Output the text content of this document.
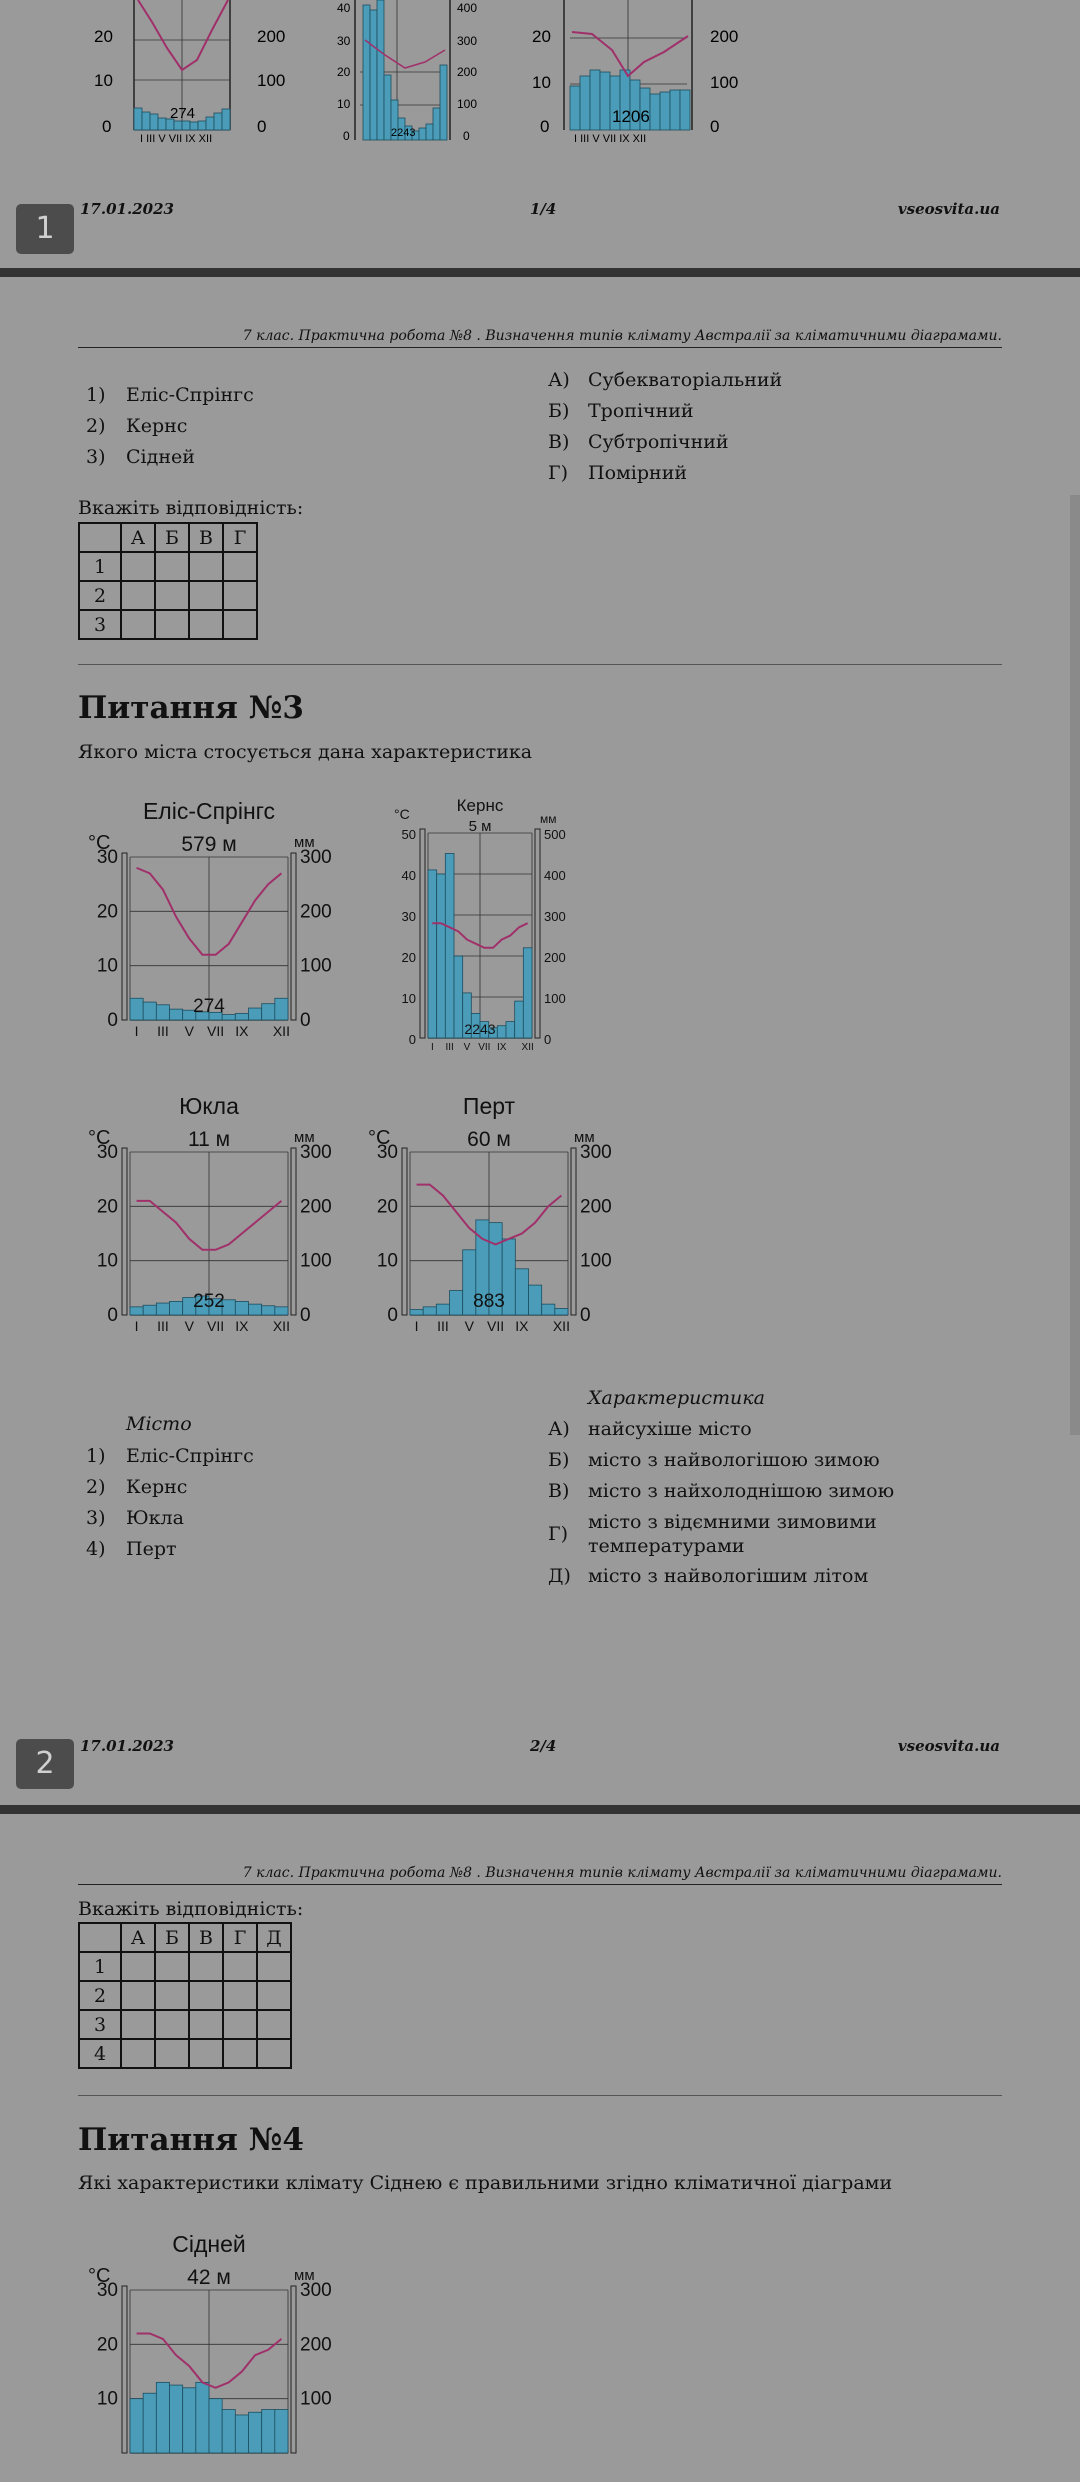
20
10
0
200
100
0
274
I III V VII IX XII
40
30
20
10
0
400
300
200
100
0
2243
20
10
0
200
100
0
1206
I III V VII IX XII
1
17.01.2023	1/4	vseosvita.ua
7 клас. Практична робота №8 . Визначення типів клімату Австралії за кліматичними діаграмами.
1) Еліс-Спрінгс
2) Кернс
3) Сідней
А) Субекваторіальний
Б) Тропічний
В) Субтропічний
Г) Помірний
Вкажіть відповідність:
	А	Б	В	Г
1				
2				
3				
Питання №3
Якого міста стосується дана характеристика
Еліс-Спрінгс
579 м
°C	мм
0
10
20
30
0
100
200
300
274
I III V VII IX XII
Кернс
5 м
°C	мм
0
10
20
30
40
50
0
100
200
300
400
500
2243
I III V VII IX XII
Юкла
11 м
°C	мм
0
10
20
30
0
100
200
300
252
I III V VII IX XII
Перт
60 м
°C	мм
0
10
20
30
0
100
200
300
883
I III V VII IX XII
Місто
Характеристика
1) Еліс-Спрінгс
2) Кернс
3) Юкла
4) Перт
А) найсухіше місто
Б) місто з найвологішою зимою
В) місто з найхолоднішою зимою
Г)
місто з відємними зимовими температурами
Д) місто з найвологішим літом
2	17.01.2023	2/4	vseosvita.ua
7 клас. Практична робота №8 . Визначення типів клімату Австралії за кліматичними діаграмами.
Вкажіть відповідність:
	А	Б	В	Г	Д
1					
2					
3					
4					
Питання №4
Які характеристики клімату Сіднею є правильними згідно кліматичної діаграми
Сідней
42 м
°C	мм
10
20
30
100
200
300
